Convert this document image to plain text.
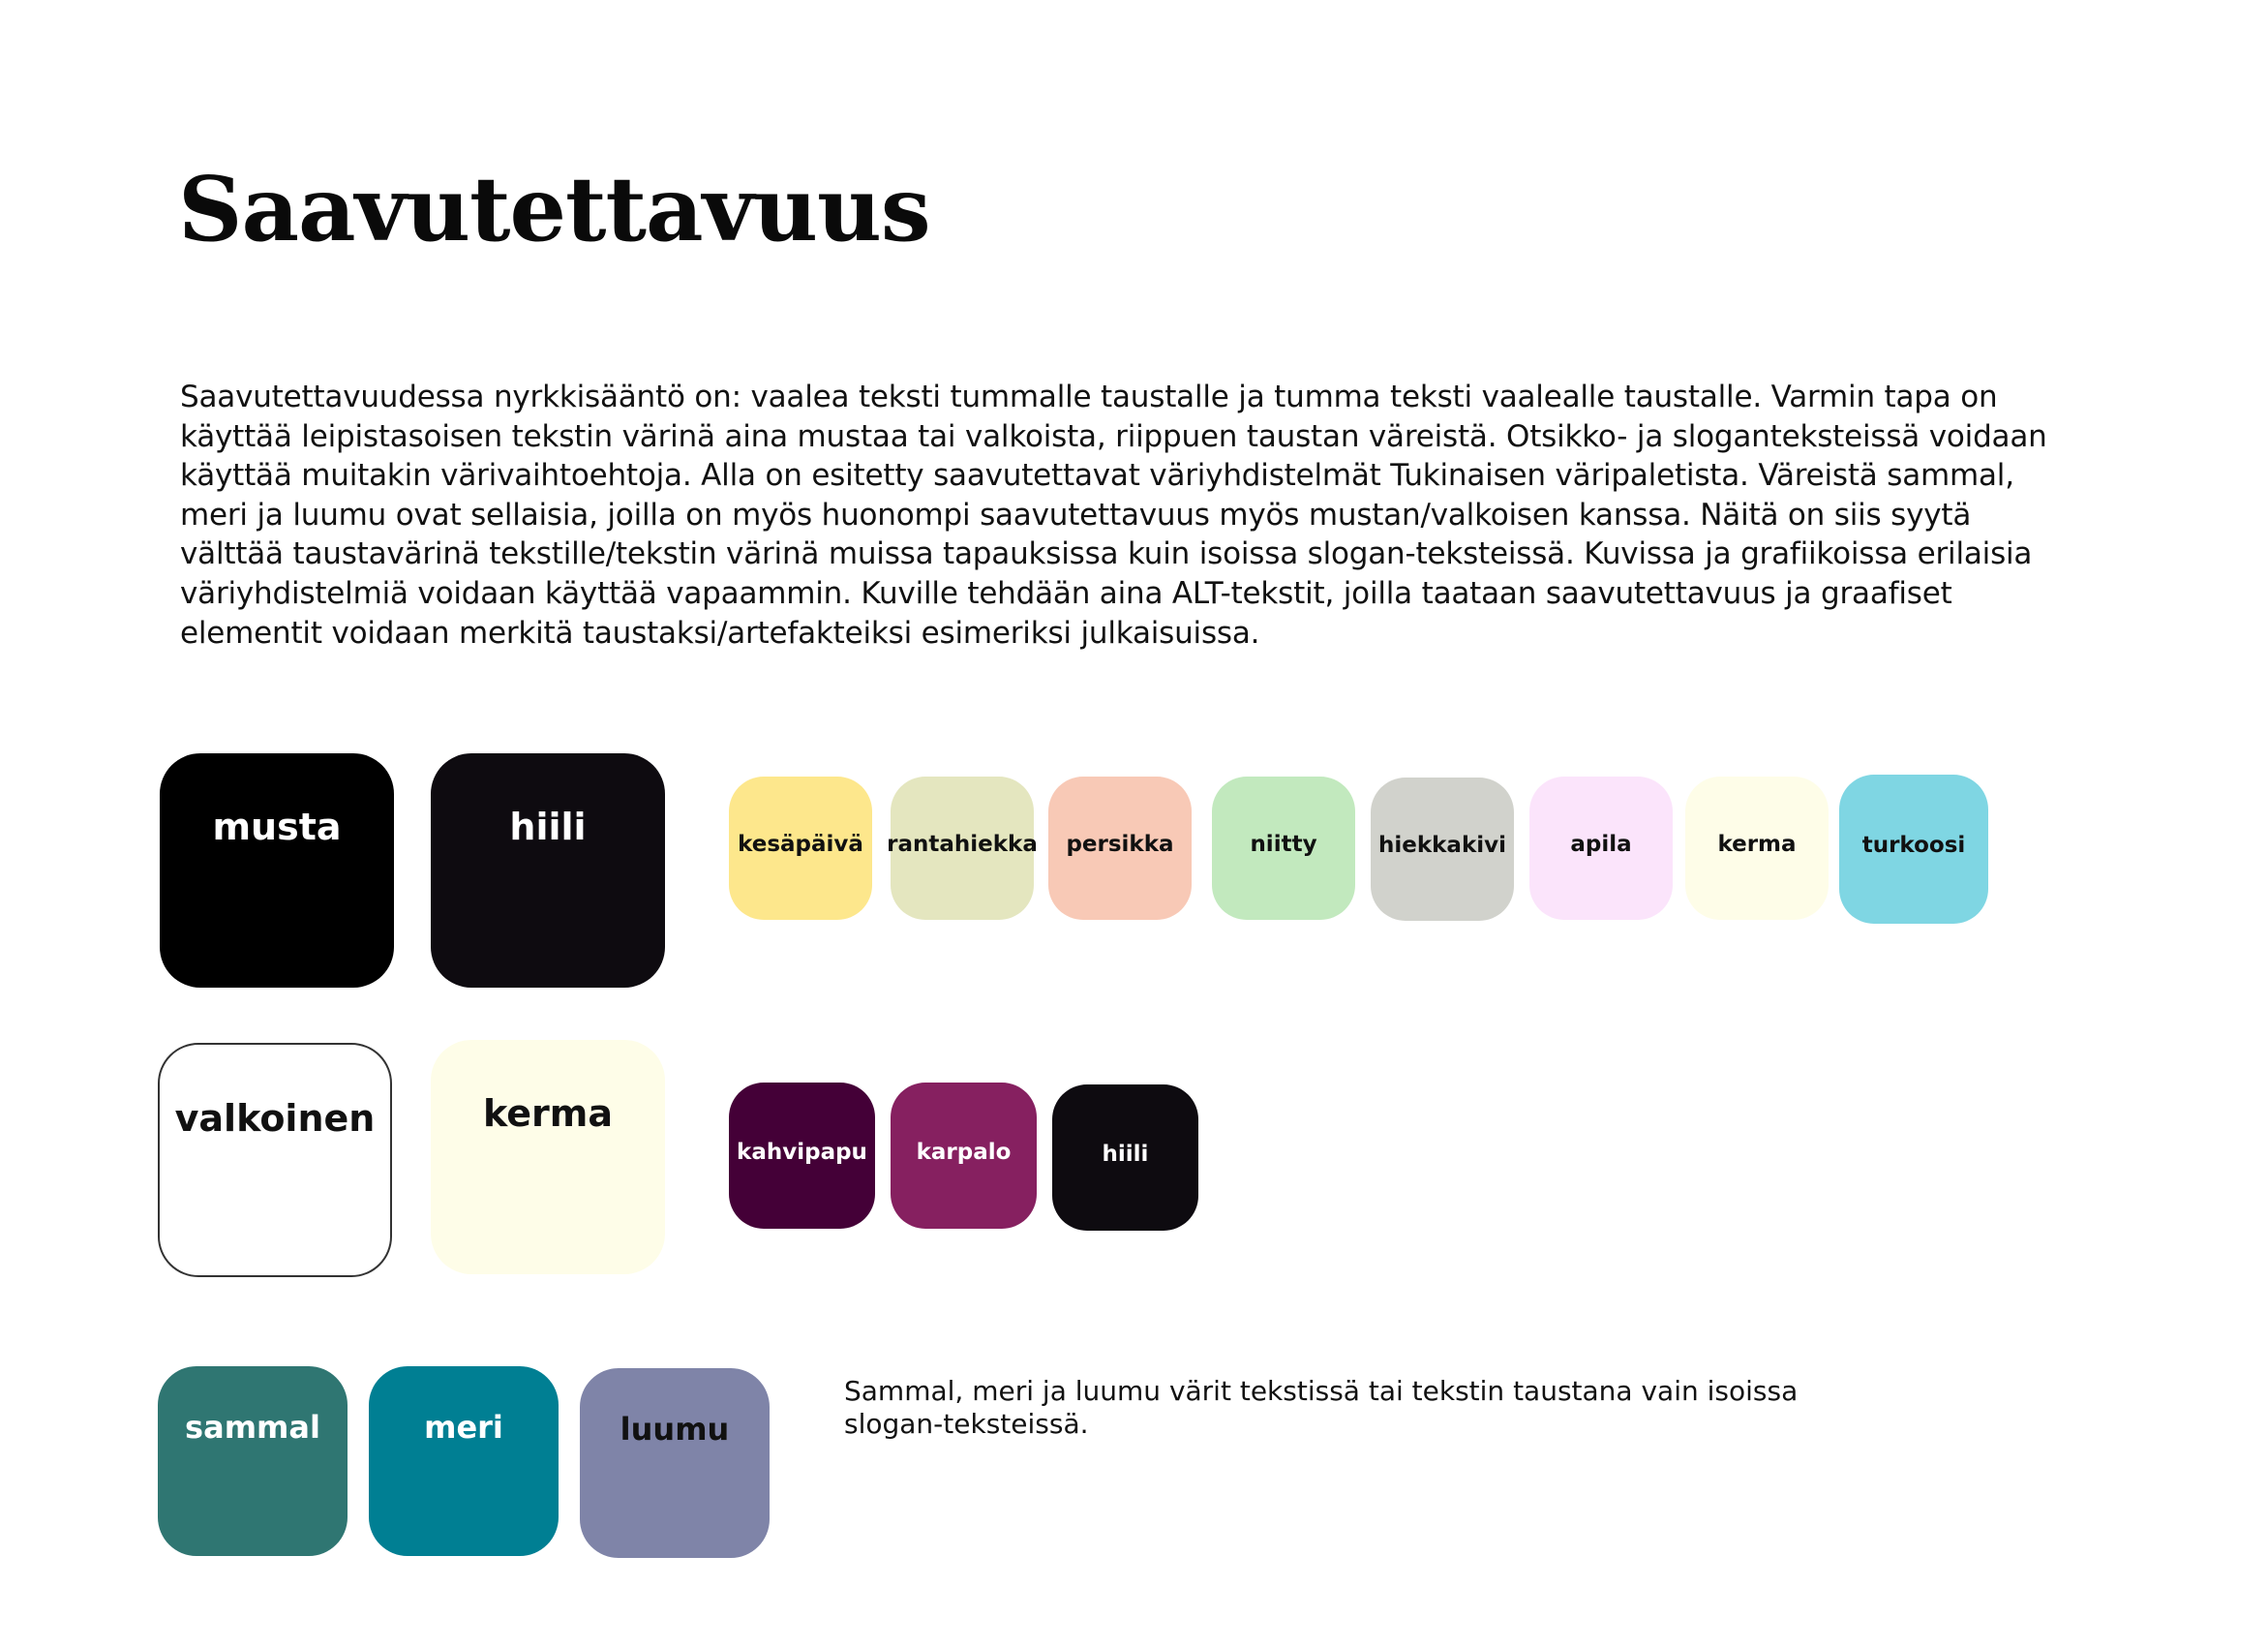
Saavutettavuus

Saavutettavuudessa nyrkkisääntö on: vaalea teksti tummalle taustalle ja tumma teksti vaalealle taustalle. Varmin tapa on käyttää leipistasoisen tekstin värinä aina mustaa tai valkoista, riippuen taustan väreistä. Otsikko- ja sloganteksteissä voidaan käyttää muitakin värivaihtoehtoja. Alla on esitetty saavutettavat väriyhdistelmät Tukinaisen väripaletista. Väreistä sammal, meri ja luumu ovat sellaisia, joilla on myös huonompi saavutettavuus myös mustan/valkoisen kanssa. Näitä on siis syytä välttää taustavärinä tekstille/tekstin värinä muissa tapauksissa kuin isoissa slogan-teksteissä. Kuvissa ja grafiikoissa erilaisia väriyhdistelmiä voidaan käyttää vapaammin. Kuville tehdään aina ALT-tekstit, joilla taataan saavutettavuus ja graafiset elementit voidaan merkitä taustaksi/artefakteiksi esimeriksi julkaisuissa.

musta	hiili
valkoinen	kerma
kesäpäivä rantahiekka persikka	niitty	hiekkakivi	apila	kerma	turkoosi
kahvipapu karpalo	hiili
sammal	meri	luumu

Sammal, meri ja luumu värit tekstissä tai tekstin taustana vain isoissa slogan-teksteissä.
